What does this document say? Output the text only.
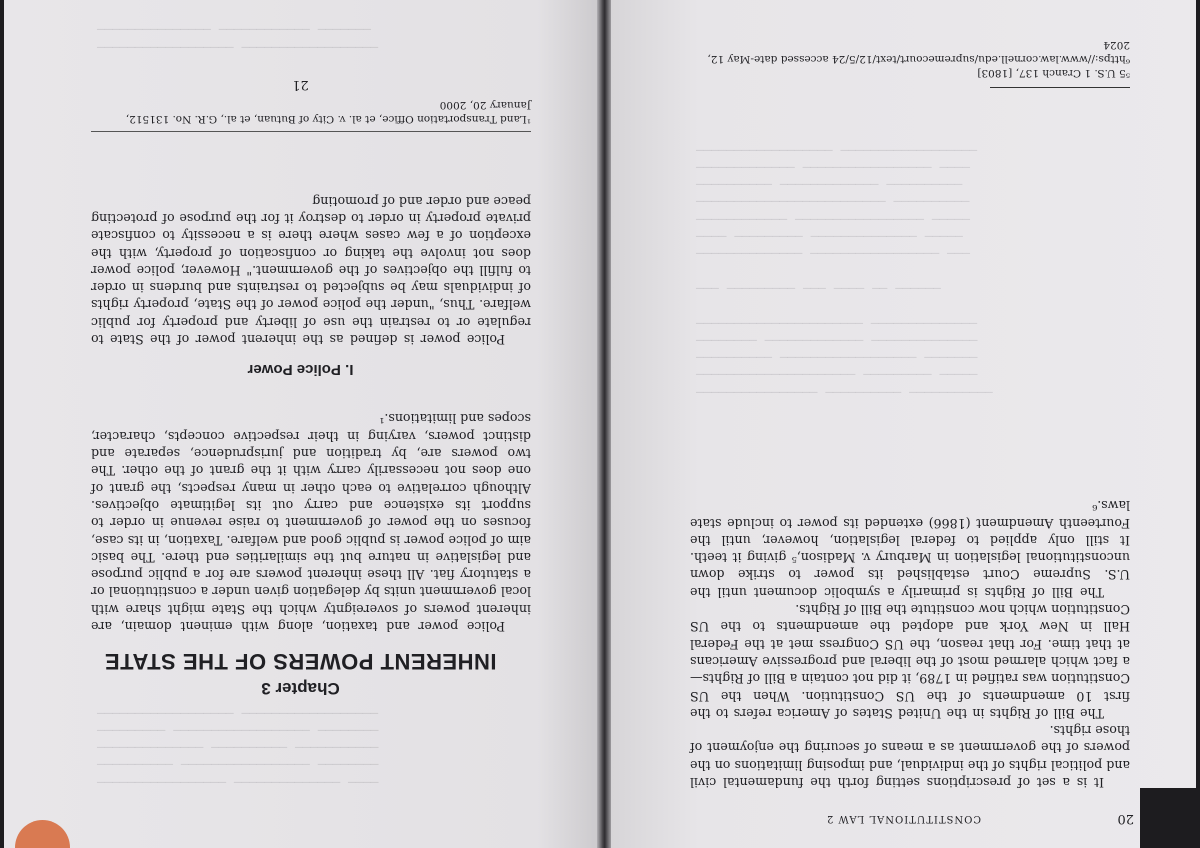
20
CONSTITUTIONAL LAW 2

It is a set of prescriptions setting forth the fundamental civil and political rights of the individual, and imposing limitations on the powers of the government as a means of securing the enjoyment of those rights.

The Bill of Rights in the United States of America refers to the first 10 amendments of the US Constitution. When the US Constitution was ratified in 1789, it did not contain a Bill of Rights—a fact which alarmed most of the liberal and progressive Americans at that time. For that reason, the US Congress met at the Federal Hall in New York and adopted the amendments to the US Constitution which now constitute the Bill of Rights.

The Bill of Rights is primarily a symbolic document until the U.S. Supreme Court established its power to strike down unconstitutional legislation in Marbury v. Madison,⁵ giving it teeth. It still only applied to federal legislation, however, until the Fourteenth Amendment (1866) extended its power to include state laws.⁶

────────────────  ──────────  ───────────
─────────────────────  ─────────  ─────
──────────  ──────────────────  ───────
────────  ─────────────  ──────────────
──────────────────────  ──────────────

───  ─────────  ───  ────  ──  ──────

──────────────  ─────────────────  ───
────  ─────────  ──────────────  ─────
────────────  ─────────────────  ─────
─────────────────────────  ──────────
──────────  ─────────────  ──────────
─────────────  ─────────────────  ────
──────────────────  ──────────────────

⁵5 U.S. 1 Cranch 137, [1803]

⁶https://www.law.cornell.edu/supremecourt/text/12/5/24 accessed date-May 12, 2024

─────────────────  ──────────────  ────
──────────  ─────────────────  ────────
──────────────  ──────────  ───────────
─────────  ──────────────────  ────────
──────────────────  ──────────────────

Chapter 3
INHERENT POWERS OF THE STATE

Police power and taxation, along with eminent domain, are inherent powers of sovereignty which the State might share with local government units by delegation given under a constitutional or a statutory fiat. All these inherent powers are for a public purpose and legislative in nature but the similarities end there. The basic aim of police power is public good and welfare. Taxation, in its case, focuses on the power of government to raise revenue in order to support its existence and carry out its legitimate objectives. Although correlative to each other in many respects, the grant of one does not necessarily carry with it the grant of the other. The two powers are, by tradition and jurisprudence, separate and distinct powers, varying in their respective concepts, character, scopes and limitations.¹

I. Police Power

Police power is defined as the inherent power of the State to regulate or to restrain the use of liberty and property for public welfare. Thus, "under the police power of the State, property rights of individuals may be subjected to restraints and burdens in order to fulfill the objectives of the government." However, police power does not involve the taking or confiscation of property, with the exception of a few cases where there is a necessity to confiscate private property in order to destroy it for the purpose of protecting peace and order and of promoting

¹Land Transportation Office, et al. v. City of Butuan, et al., G.R. No. 131512, January 20, 2000

21

──────────────────  ──────────────────
───────────────  ────────────  ───────
